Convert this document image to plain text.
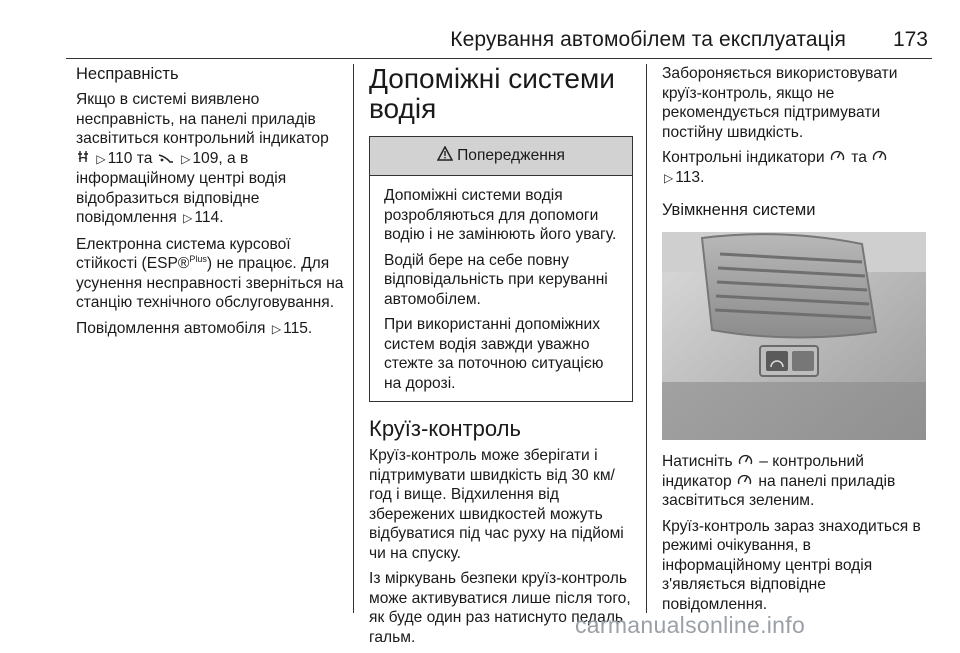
Керування автомобілем та експлуатація 173
Несправність

Якщо в системі виявлено несправність, на панелі приладів засвітиться контрольний індикатор
▷ 110 та ▷ 109, а в інформаційному центрі водія відобразиться відповідне повідомлення ▷ 114.

Електронна система курсової стійкості (ESP®$^{Plus}$) не працює. Для усунення несправності зверніться на станцію технічного обслуговування.

Повідомлення автомобіля ▷ 115.

Допоміжні системи водія
Попередження

Допоміжні системи водія розробляються для допомоги водію і не замінюють його увагу.

Водій бере на себе повну відповідальність при керуванні автомобілем.

При використанні допоміжних систем водія завжди уважно стежте за поточною ситуацією на дорозі.

Круїз-контроль

Круїз-контроль може зберігати і підтримувати швидкість від 30 км/год і вище. Відхилення від збережених швидкостей можуть відбуватися під час руху на підйомі чи на спуску.

Із міркувань безпеки круїз-контроль може активуватися лише після того, як буде один раз натиснуто педаль гальм.

Забороняється використовувати круїз-контроль, якщо не рекомендується підтримувати постійну швидкість.

Контрольні індикатори та
▷ 113.

Увімкнення системи

Натисніть – контрольний індикатор на панелі приладів засвітиться зеленим.

Круїз-контроль зараз знаходиться в режимі очікування, в інформаційному центрі водія з'являється відповідне повідомлення.

carmanualsonline.info
